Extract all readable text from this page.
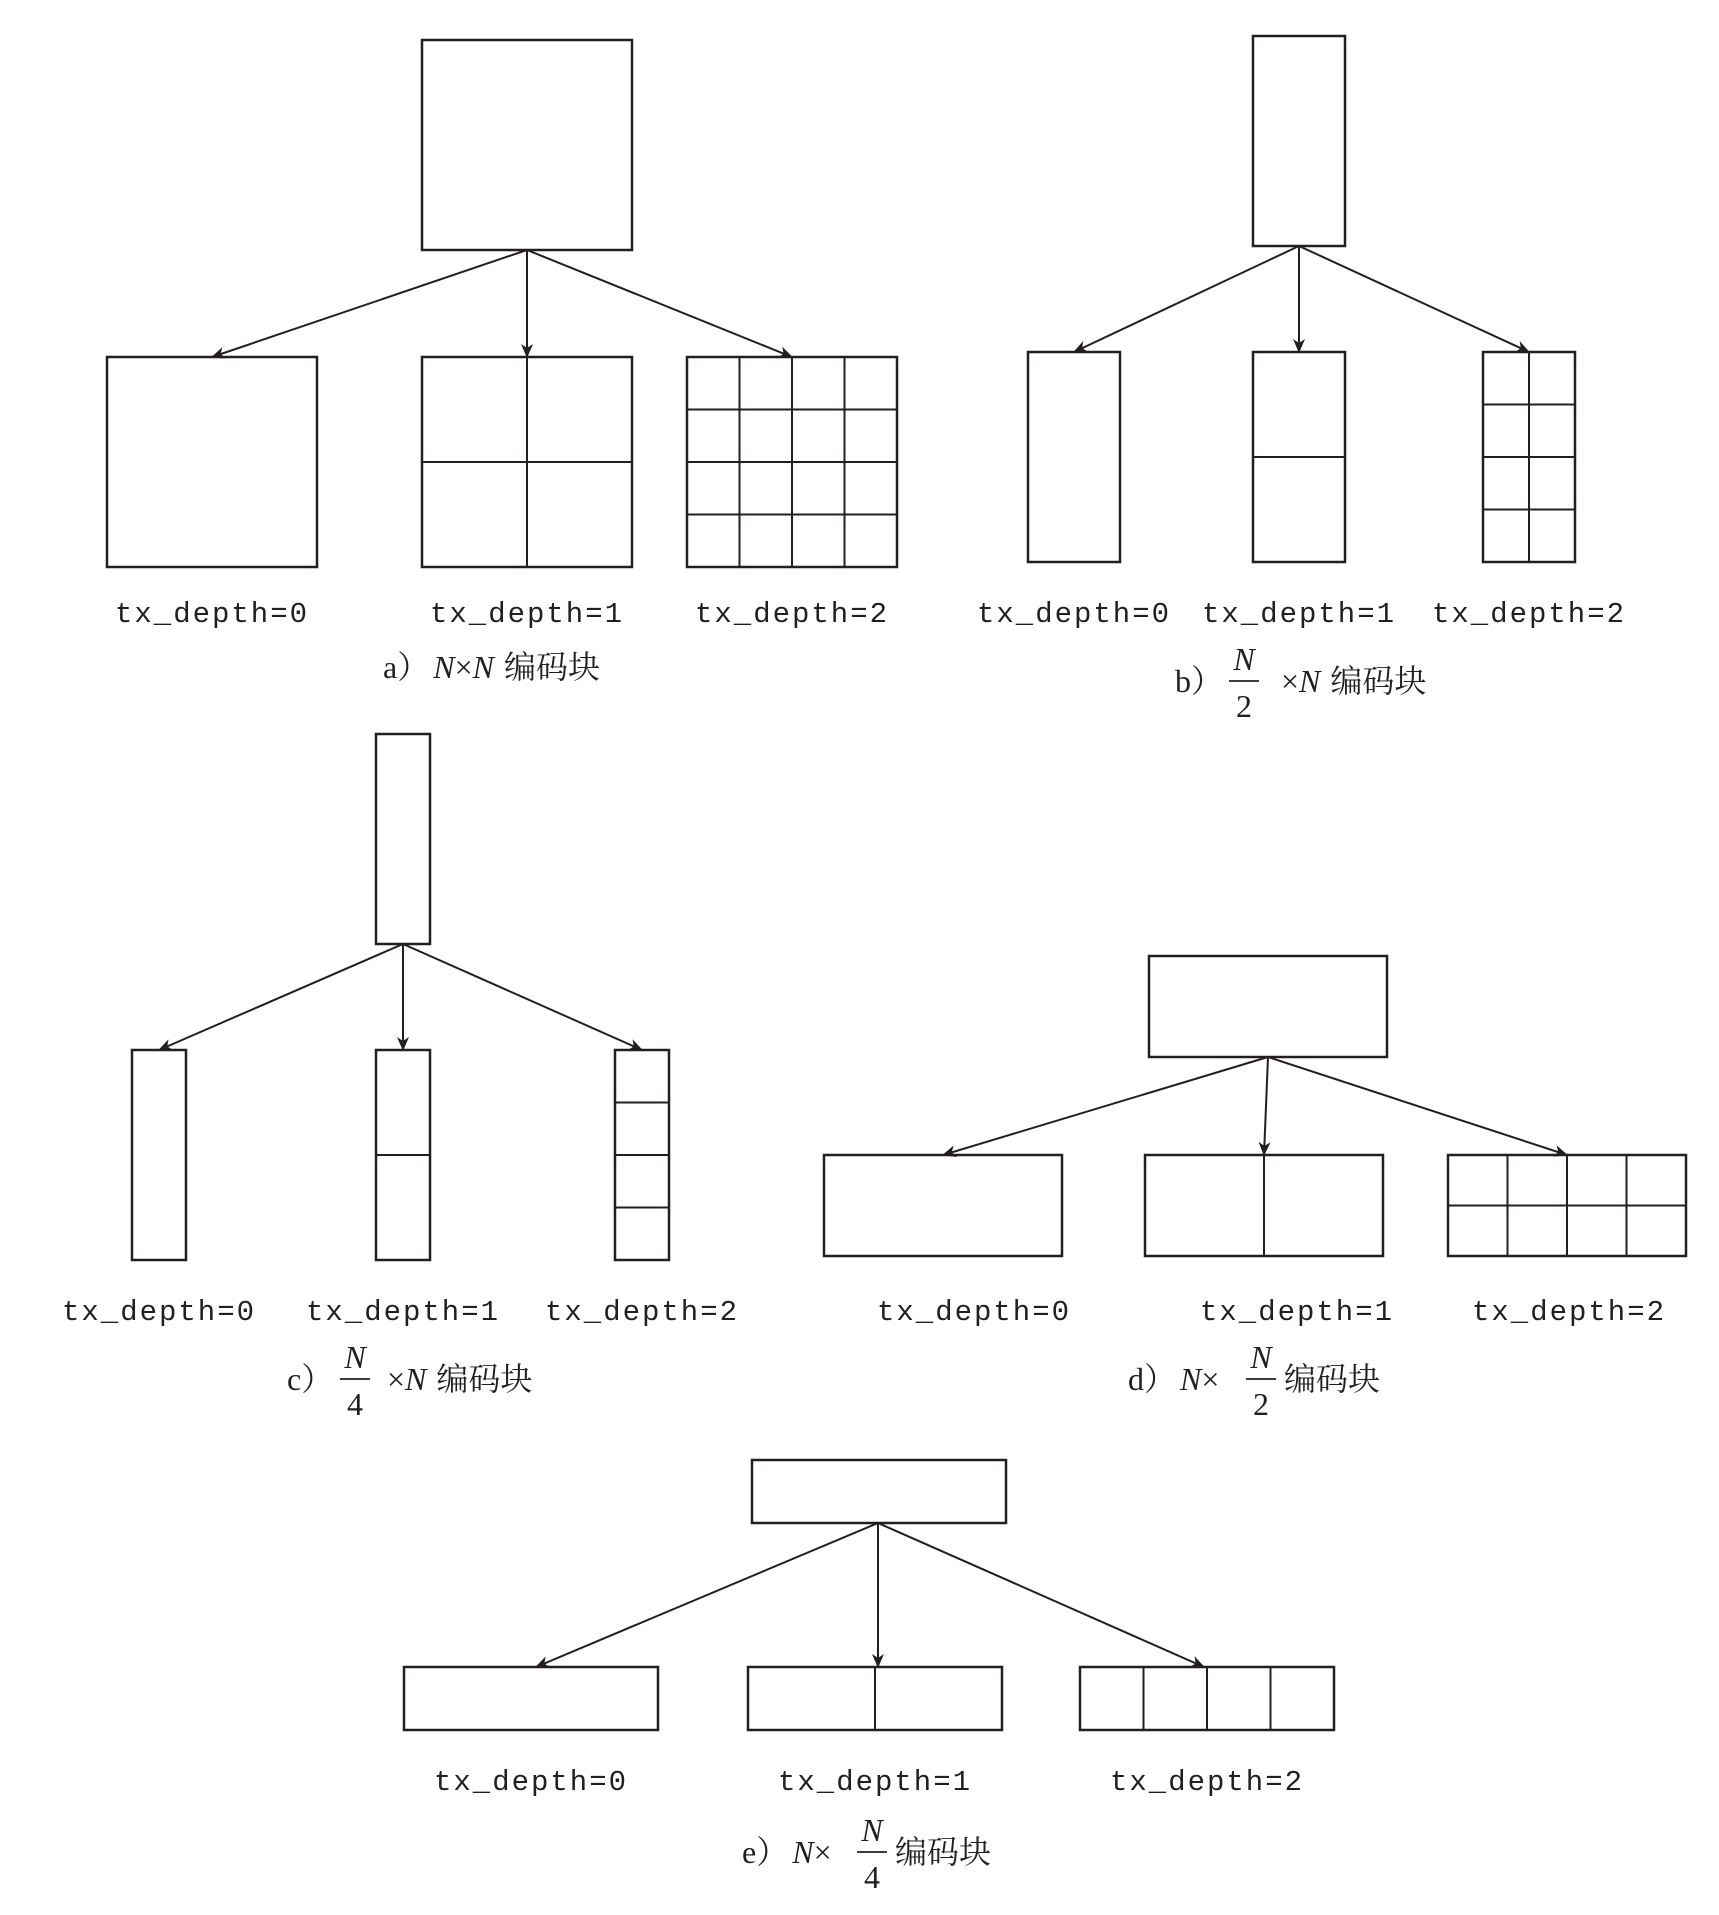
tx_depth=0	tx_depth=1 tx_depth=2
a） N×N 编码块
tx_depth=0 tx_depth=1 tx_depth=2
b）
N
2
×N 编码块
tx_depth=0 tx_depth=1 tx_depth=2
c）
N
4
×N 编码块
tx_depth=0	tx_depth=1	tx_depth=2
d） N×
N
2
编码块
tx_depth=0	tx_depth=1	tx_depth=2
e） N×
N
4
编码块
